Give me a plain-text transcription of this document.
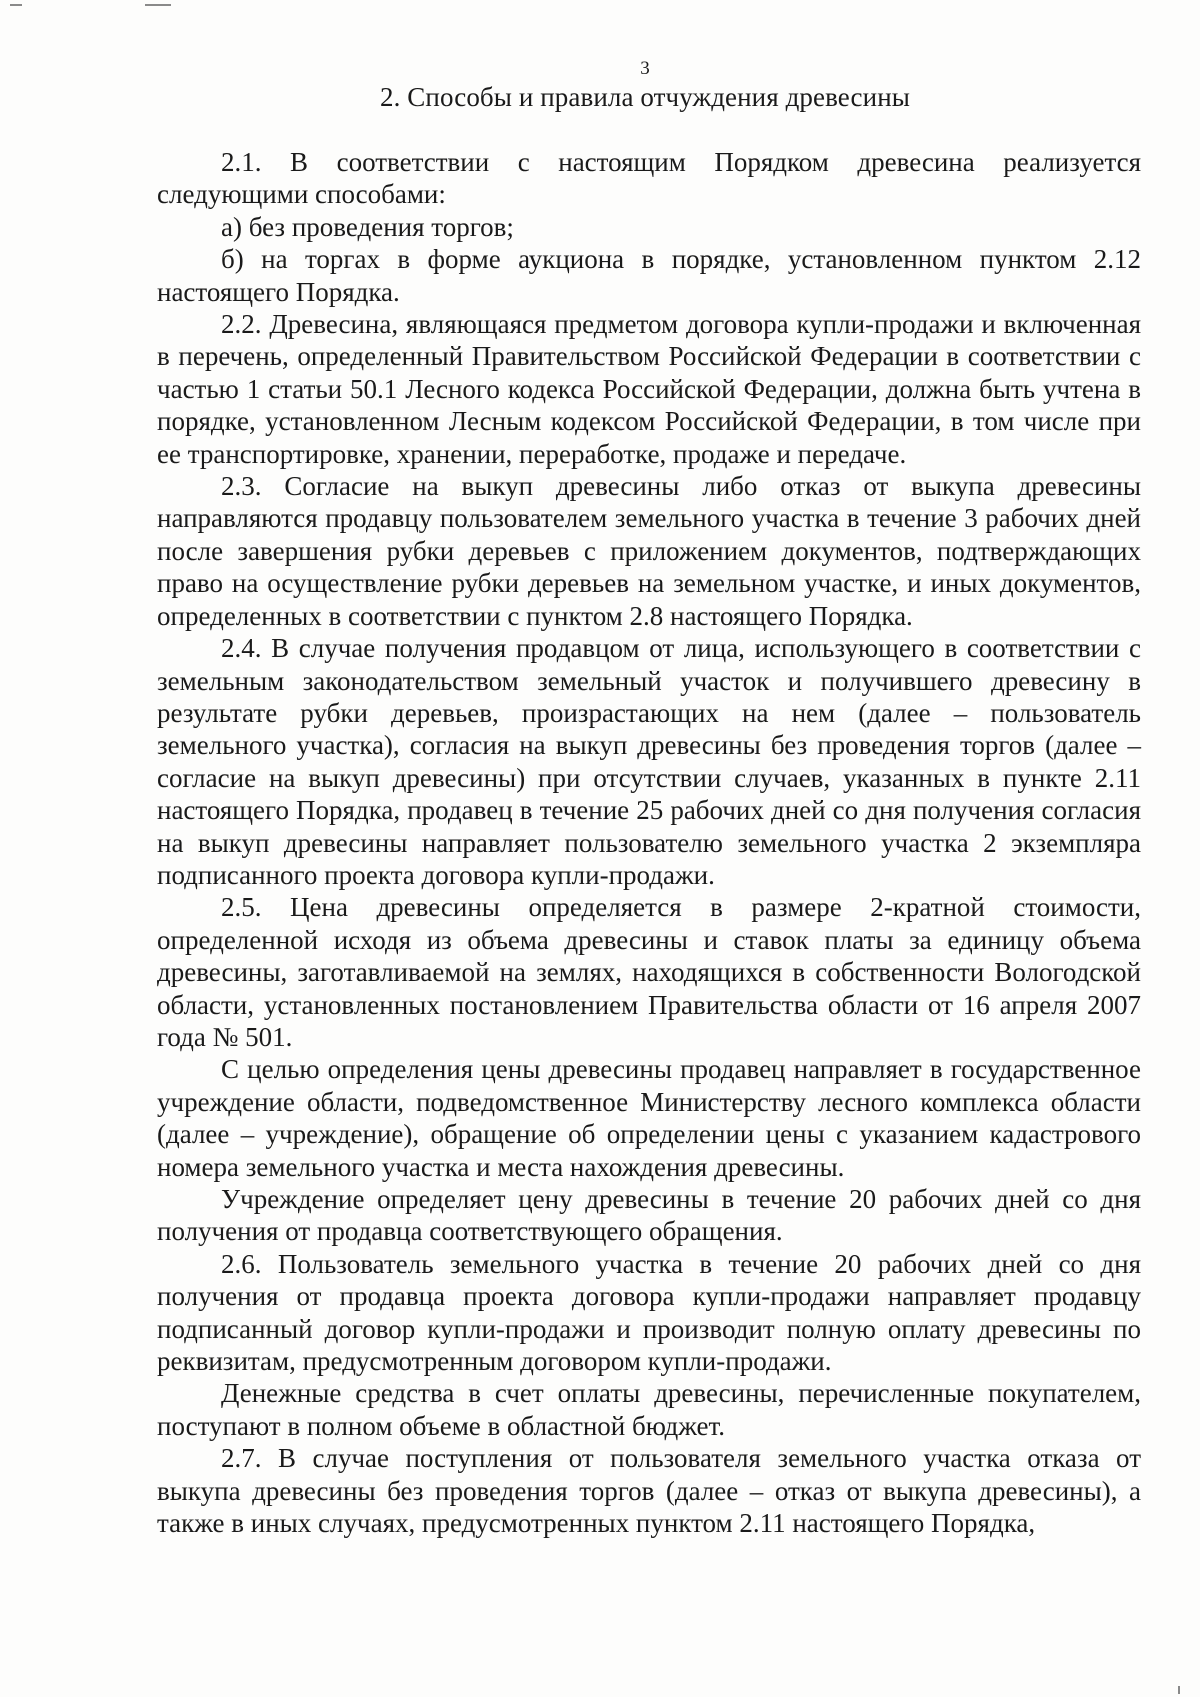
3
2. Способы и правила отчуждения древесины

2.1. В соответствии с настоящим Порядком древесина реализуется следующими способами:

а) без проведения торгов;

б) на торгах в форме аукциона в порядке, установленном пунктом 2.12 настоящего Порядка.

2.2. Древесина, являющаяся предметом договора купли-продажи и включенная в перечень, определенный Правительством Российской Федерации в соответствии с частью 1 статьи 50.1 Лесного кодекса Российской Федерации, должна быть учтена в порядке, установленном Лесным кодексом Российской Федерации, в том числе при ее транспортировке, хранении, переработке, продаже и передаче.

2.3. Согласие на выкуп древесины либо отказ от выкупа древесины направляются продавцу пользователем земельного участка в течение 3 рабочих дней после завершения рубки деревьев с приложением документов, подтверждающих право на осуществление рубки деревьев на земельном участке, и иных документов, определенных в соответствии с пунктом 2.8 настоящего Порядка.

2.4. В случае получения продавцом от лица, использующего в соответствии с земельным законодательством земельный участок и получившего древесину в результате рубки деревьев, произрастающих на нем (далее – пользователь земельного участка), согласия на выкуп древесины без проведения торгов (далее – согласие на выкуп древесины) при отсутствии случаев, указанных в пункте 2.11 настоящего Порядка, продавец в течение 25 рабочих дней со дня получения согласия на выкуп древесины направляет пользователю земельного участка 2 экземпляра подписанного проекта договора купли-продажи.

2.5. Цена древесины определяется в размере 2-кратной стоимости, определенной исходя из объема древесины и ставок платы за единицу объема древесины, заготавливаемой на землях, находящихся в собственности Вологодской области, установленных постановлением Правительства области от 16 апреля 2007 года № 501.

С целью определения цены древесины продавец направляет в государственное учреждение области, подведомственное Министерству лесного комплекса области (далее – учреждение), обращение об определении цены с указанием кадастрового номера земельного участка и места нахождения древесины.

Учреждение определяет цену древесины в течение 20 рабочих дней со дня получения от продавца соответствующего обращения.

2.6. Пользователь земельного участка в течение 20 рабочих дней со дня получения от продавца проекта договора купли-продажи направляет продавцу подписанный договор купли-продажи и производит полную оплату древесины по реквизитам, предусмотренным договором купли-продажи.

Денежные средства в счет оплаты древесины, перечисленные покупателем, поступают в полном объеме в областной бюджет.

2.7. В случае поступления от пользователя земельного участка отказа от выкупа древесины без проведения торгов (далее – отказ от выкупа древесины), а также в иных случаях, предусмотренных пунктом 2.11 настоящего Порядка,
